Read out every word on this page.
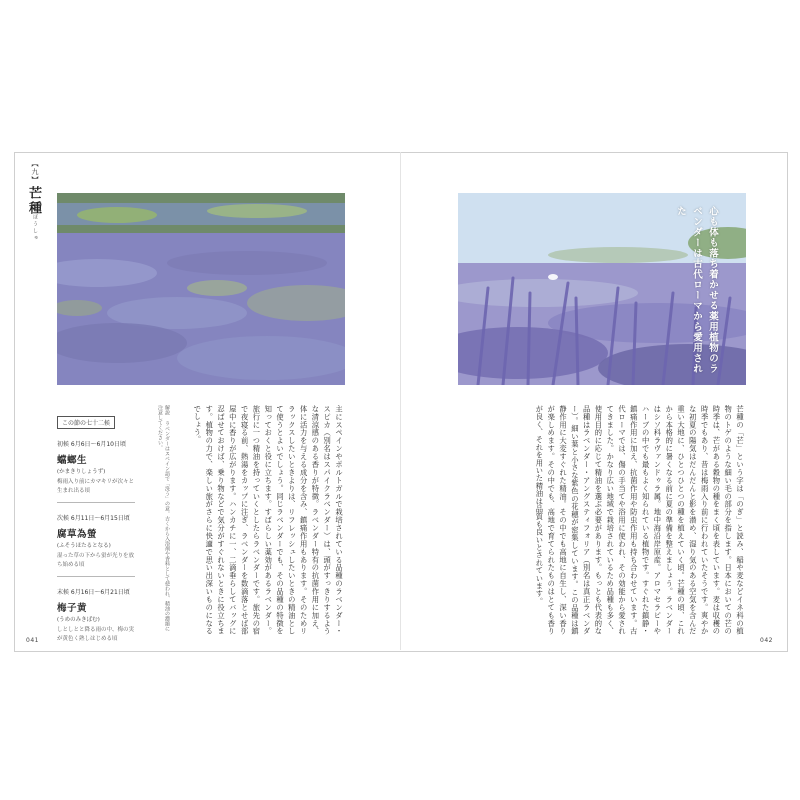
【九】
芒種
ぼうしゅ
この節の七十二候
初候 6月6日〜6月10日頃
蟷螂生
(かまきりしょうず)
梅雨入り前にカマキリが次々と生まれ出る頃
次候 6月11日〜6月15日頃
腐草為螢
(ふそうほたるとなる)
湿った草の下から蛍が光りを放ち始める頃
末候 6月16日〜6月21日頃
梅子黄
(うめのみきばむ)
しとしとと降る雨の中、梅の実が黄色く熟しはじめる頃
解説 ラベンダーはスペイン語で「洗う」の意。古くから入浴剤や香料として使われ、精油の濃縮に注意してください。	主にスペインやポルトガルで栽培されている品種のラベンダー・スピカ（別名はスパイクラベンダー）は、頭がすっきりするような清涼感のある香りが特徴。ラベンダー特有の抗菌作用に加え、体に活力を与える成分を含み、鎮痛作用もあります。そのためリラックスしたいときよりは、リフレッシュしたいときの精油として使うとよいでしょう。同じラベンダーでも、その品種の特徴を知っておくと役に立ちます。すばらしい薬効があるラベンダー。旅行に一つ精油を持っていくとしたらラベンダーです。旅先の宿で夜寝る前、熱湯をカップに注ぎ、ラベンダーを数滴落とせば部屋中に香りが広がります。ハンカチに一、二滴垂らしてバッグに忍ばせておけば、乗り物などで気分がすぐれないときに役立ちます。植物の力で、楽しい旅がさらに快適で思い出深いものになるでしょう。
041
心も体も落ち着かせる薬用植物のラベンダーは古代ローマから愛用された
芒種の「芒」という字は「のぎ」と読み、稲や麦などイネ科の植物のトゲのような細い毛の部分を指します。日本においての芒の時季は、芒がある穀物の種をまく頃を表しています。麦は収穫の時季でもあり、昔は梅雨入り前に行われていたそうです。爽やかな初夏の陽気はだんだんと影を潜め、湿り気のある空気を含んだ重い大地に、ひとつひとつの種を植えていく頃。芒種の頃、これから本格的に暑くなる前に夏の準備を整えましょう。ラベンダーはシソ科ラヴァンドゥラ属。地中海沿岸原産。アロマセラピーやハーブの中でも最もよく知られている植物です。すぐれた鎮静・鎮痛作用に加え、抗菌作用や防虫作用も持ち合わせています。古代ローマでは、傷の手当てや浴用に使われ、その効能から愛されてきました。かなり広い地域で栽培されているため品種も多く、使用目的に応じて精油を選ぶ必要があります。もっとも代表的な品種はラベンダー・アングスティフォリア（別名は真正ラベンダー）。細い葉と小さな紫色の花穂が密集しています。この品種は鎮静作用に大変すぐれた精油。その中でも高地に自生し、深い香りが楽しめます。その中でも、高地で育てられたものはとても香りが良く、それを用いた精油は品質も良いとされています。
042
